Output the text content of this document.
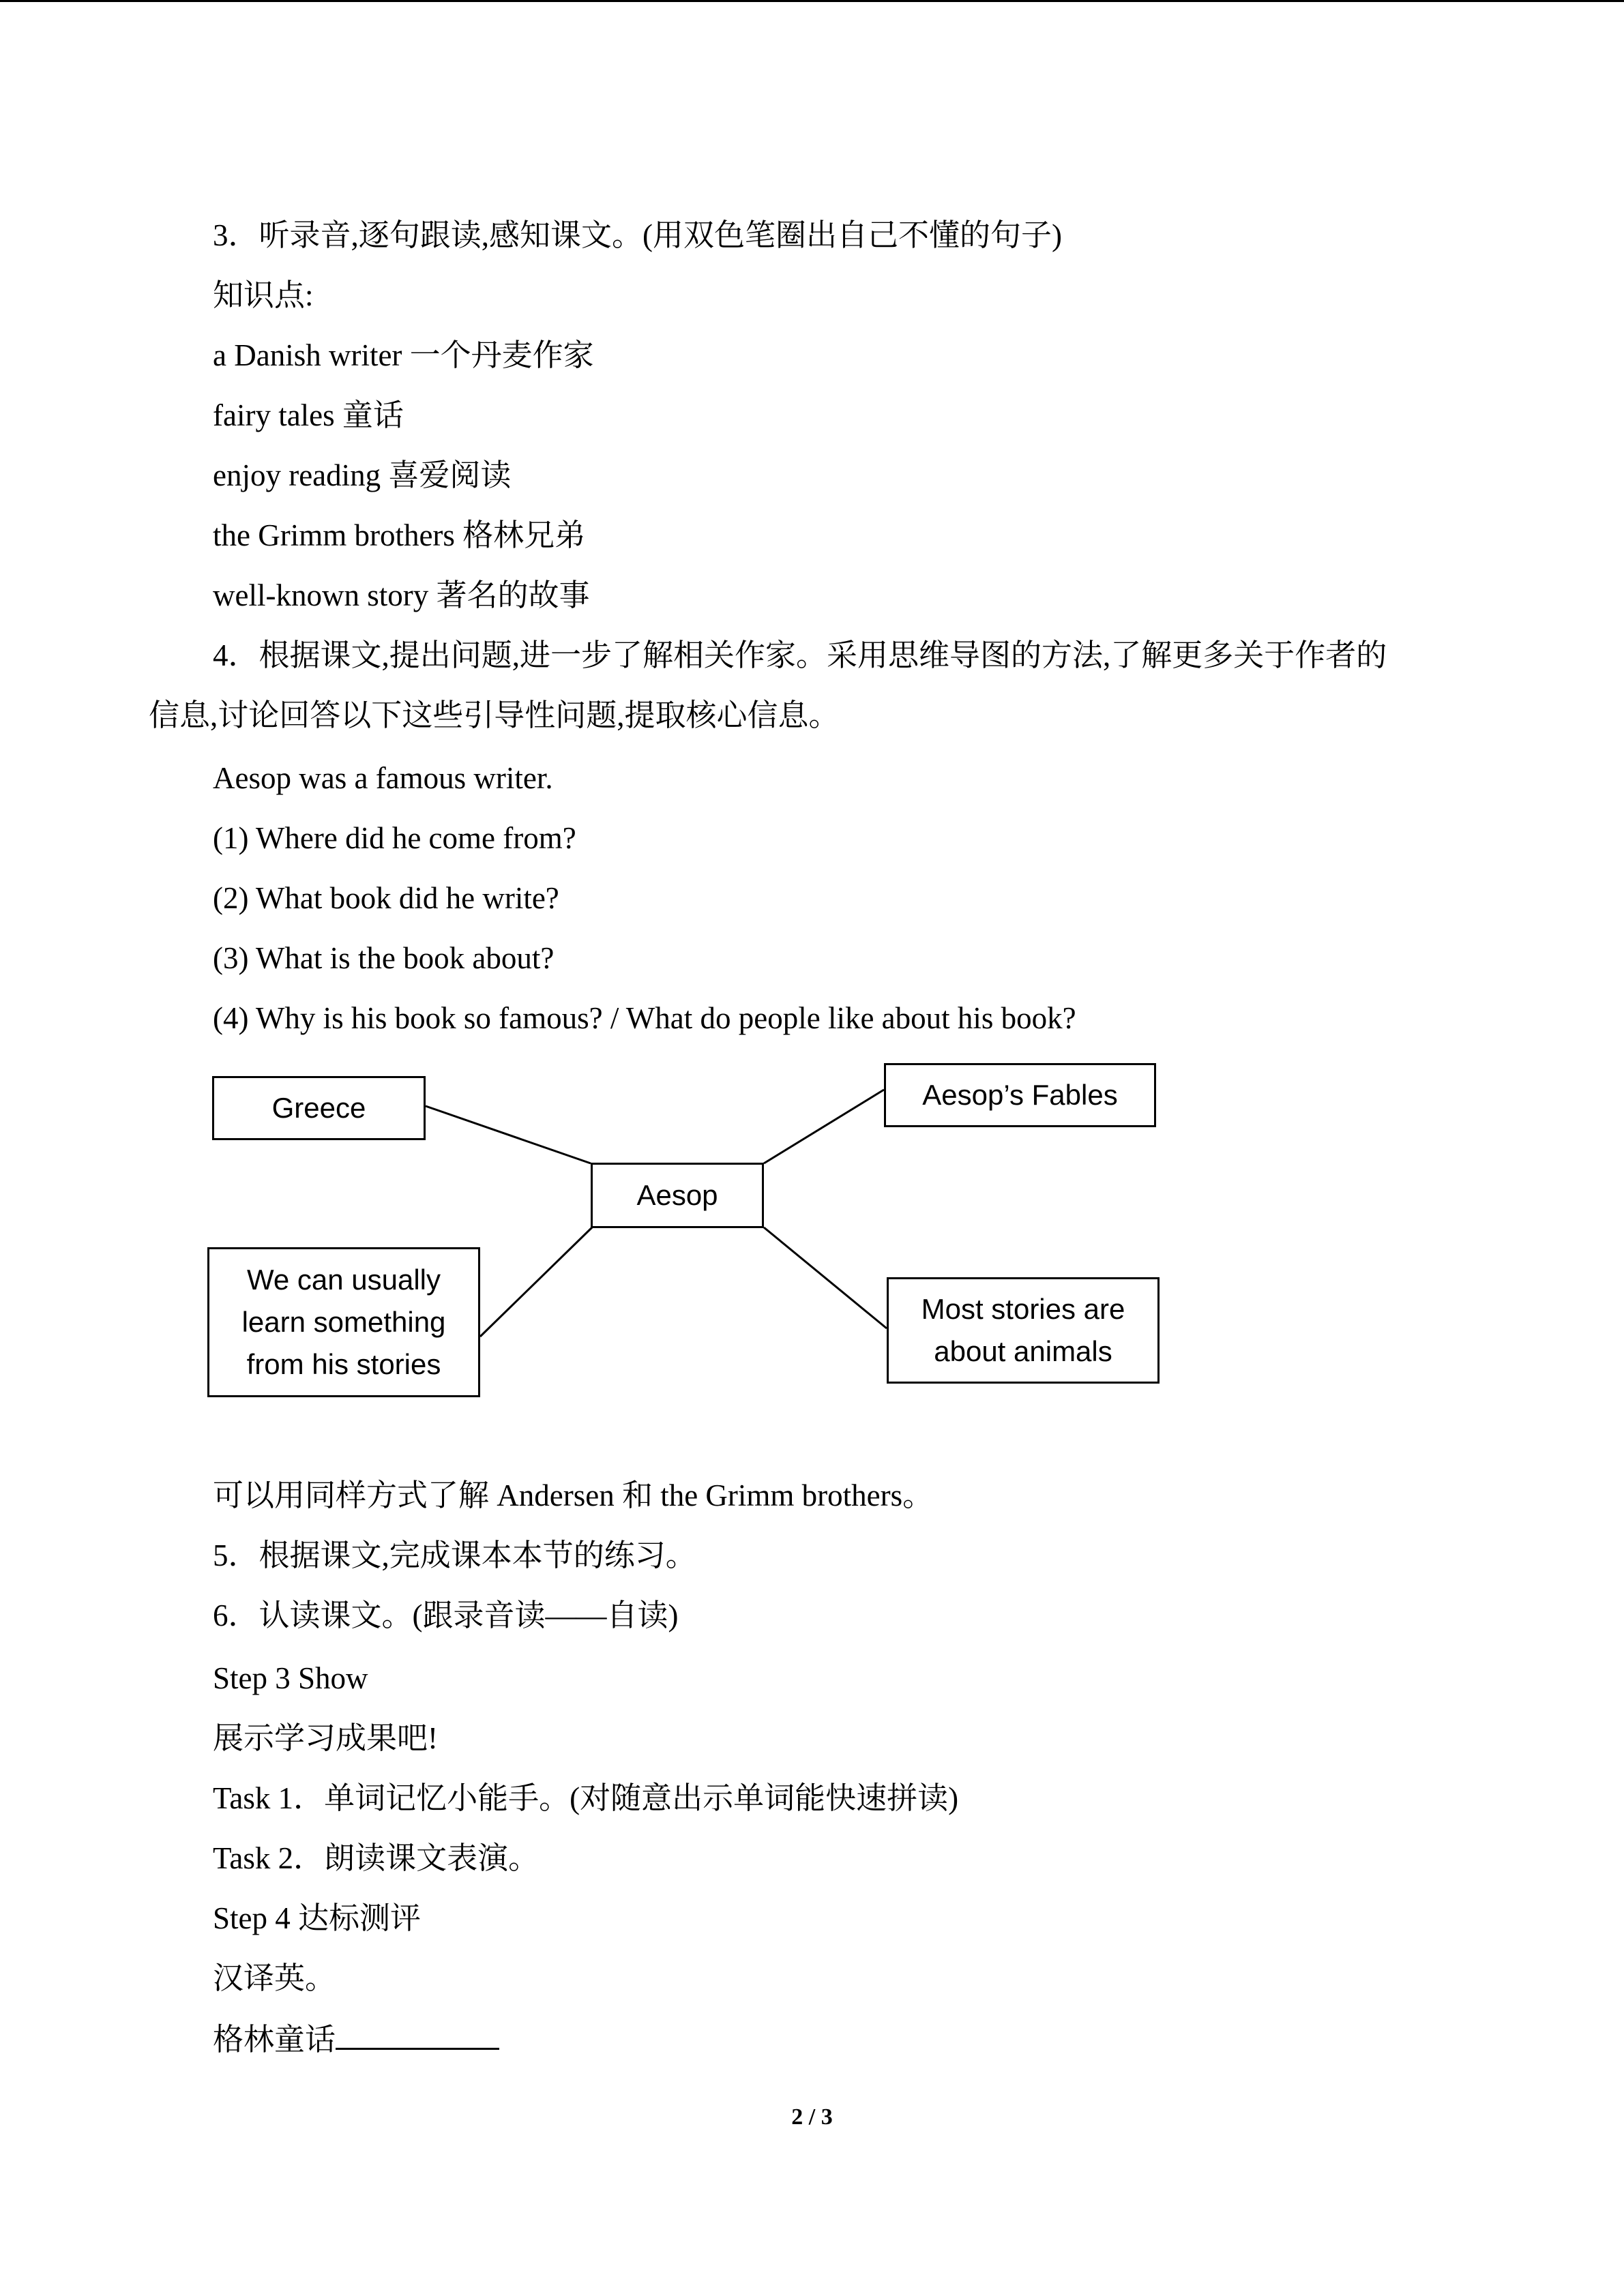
3．听录音,逐句跟读,感知课文。(用双色笔圈出自己不懂的句子)
知识点:
a Danish writer 一个丹麦作家
fairy tales 童话
enjoy reading 喜爱阅读
the Grimm brothers 格林兄弟
well-known story 著名的故事
4．根据课文,提出问题,进一步了解相关作家。采用思维导图的方法,了解更多关于作者的
信息,讨论回答以下这些引导性问题,提取核心信息。
Aesop was a famous writer.
(1) Where did he come from?
(2) What book did he write?
(3) What is the book about?
(4) Why is his book so famous? / What do people like about his book?
Greece	Aesop’s Fables
Aesop
We can usually
learn something
from his stories
Most stories are
about animals
可以用同样方式了解 Andersen 和 the Grimm brothers。
5．根据课文,完成课本本节的练习。
6．认读课文。(跟录音读——自读)
Step 3 Show
展示学习成果吧!
Task 1．单词记忆小能手。(对随意出示单词能快速拼读)
Task 2．朗读课文表演。
Step 4 达标测评
汉译英。
格林童话
2 / 3
